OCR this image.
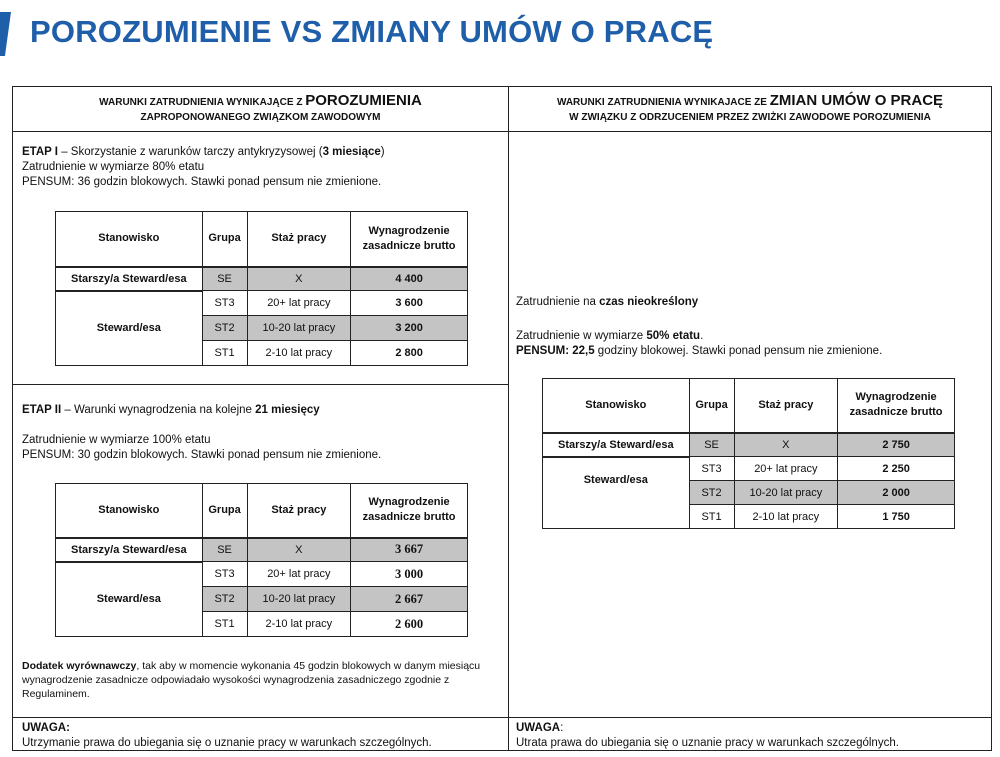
POROZUMIENIE VS ZMIANY UMÓW O PRACĘ
WARUNKI ZATRUDNIENIA WYNIKAJĄCE Z POROZUMIENIA
ZAPROPONOWANEGO ZWIĄZKOM ZAWODOWYM
WARUNKI ZATRUDNIENIA WYNIKAJACE ZE ZMIAN UMÓW O PRACĘ
W ZWIĄZKU Z ODRZUCENIEM PRZEZ ZWIŻKI ZAWODOWE POROZUMIENIA
ETAP I – Skorzystanie z warunków tarczy antykryzysowej (3 miesiące)
Zatrudnienie w wymiarze 80% etatu
PENSUM: 36 godzin blokowych. Stawki ponad pensum nie zmienione.
Stanowisko	Grupa	Staż pracy	Wynagrodzenie zasadnicze brutto
Starszy/a Steward/esa	SE	X	4 400
Steward/esa	ST3	20+ lat pracy	3 600
	ST2	10-20 lat pracy	3 200
	ST1	2-10 lat pracy	2 800
ETAP II – Warunki wynagrodzenia na kolejne 21 miesięcy
Zatrudnienie w wymiarze 100% etatu
PENSUM: 30 godzin blokowych. Stawki ponad pensum nie zmienione.
Stanowisko	Grupa	Staż pracy	Wynagrodzenie zasadnicze brutto
Starszy/a Steward/esa	SE	X	3 667
Steward/esa	ST3	20+ lat pracy	3 000
	ST2	10-20 lat pracy	2 667
	ST1	2-10 lat pracy	2 600
Dodatek wyrównawczy, tak aby w momencie wykonania 45 godzin blokowych w danym miesiącu wynagrodzenie zasadnicze odpowiadało wysokości wynagrodzenia zasadniczego zgodnie z Regulaminem.
UWAGA:
Utrzymanie prawa do ubiegania się o uznanie pracy w warunkach szczególnych.
Zatrudnienie na czas nieokreślony
Zatrudnienie w wymiarze 50% etatu.
PENSUM: 22,5 godziny blokowej. Stawki ponad pensum nie zmienione.
Stanowisko	Grupa	Staż pracy	Wynagrodzenie zasadnicze brutto
Starszy/a Steward/esa	SE	X	2 750
Steward/esa	ST3	20+ lat pracy	2 250
	ST2	10-20 lat pracy	2 000
	ST1	2-10 lat pracy	1 750
UWAGA:
Utrata prawa do ubiegania się o uznanie pracy w warunkach szczególnych.
